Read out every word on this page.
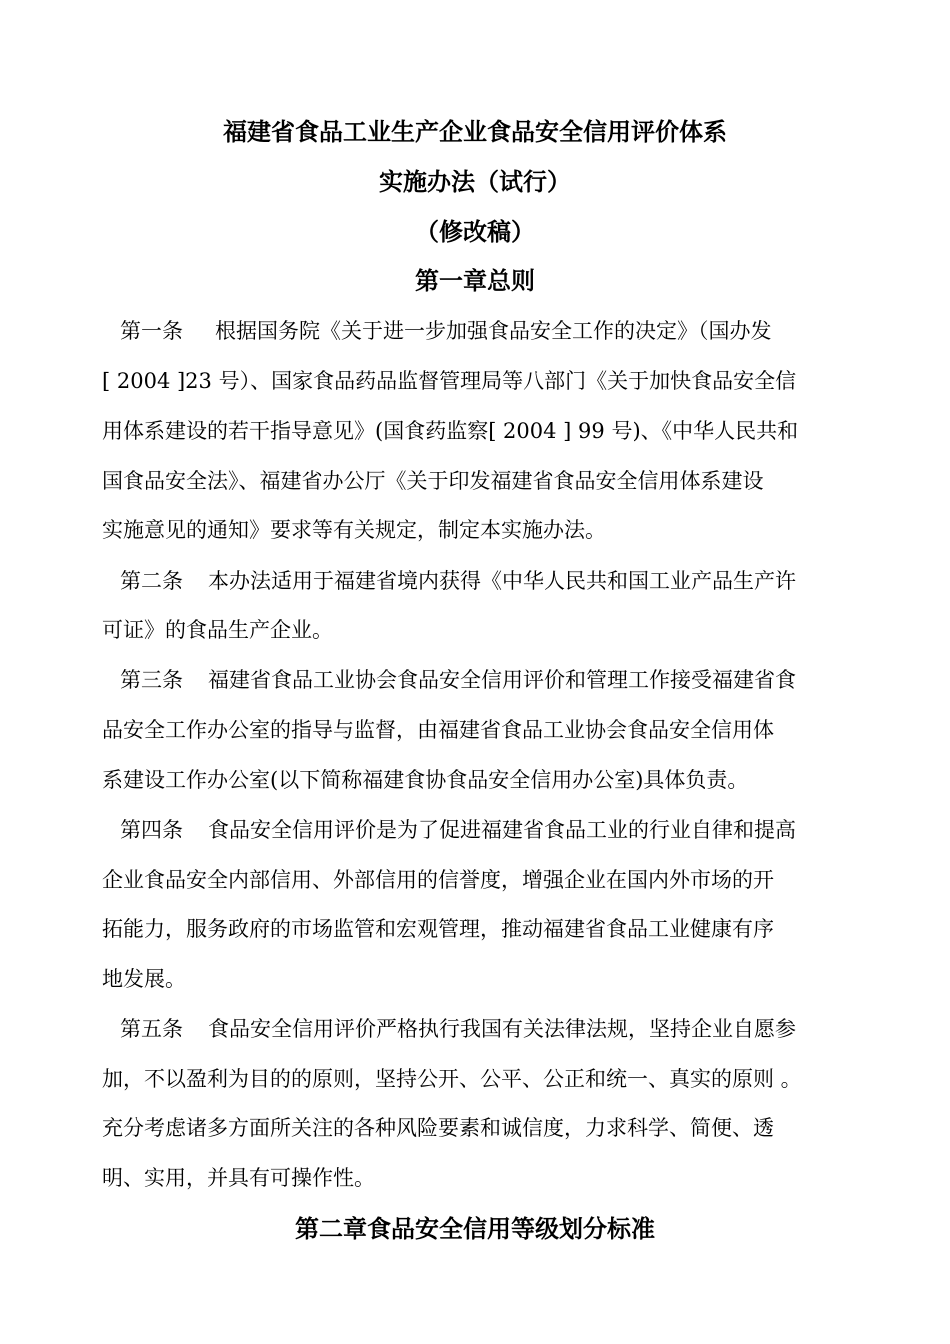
福建省食品工业生产企业食品安全信用评价体系
实施办法（试行）
（修改稿）
第一章总则
第一条 根据国务院《关于进一步加强食品安全工作的决定》（国办发
[ 2004 ]23 号）、国家食品药品监督管理局等八部门《关于加快食品安全信
用体系建设的若干指导意见》(国食药监察[ 2004 ] 99 号)、《中华人民共和
国食品安全法》、福建省办公厅《关于印发福建省食品安全信用体系建设
实施意见的通知》要求等有关规定，制定本实施办法。
第二条 本办法适用于福建省境内获得《中华人民共和国工业产品生产许
可证》的食品生产企业。
第三条 福建省食品工业协会食品安全信用评价和管理工作接受福建省食
品安全工作办公室的指导与监督，由福建省食品工业协会食品安全信用体
系建设工作办公室(以下简称福建食协食品安全信用办公室)具体负责。
第四条 食品安全信用评价是为了促进福建省食品工业的行业自律和提高
企业食品安全内部信用、外部信用的信誉度，增强企业在国内外市场的开
拓能力，服务政府的市场监管和宏观管理，推动福建省食品工业健康有序
地发展。
第五条 食品安全信用评价严格执行我国有关法律法规，坚持企业自愿参
加，不以盈利为目的的原则，坚持公开、公平、公正和统一、真实的原则 。
充分考虑诸多方面所关注的各种风险要素和诚信度，力求科学、简便、透
明、实用，并具有可操作性。
第二章食品安全信用等级划分标准
